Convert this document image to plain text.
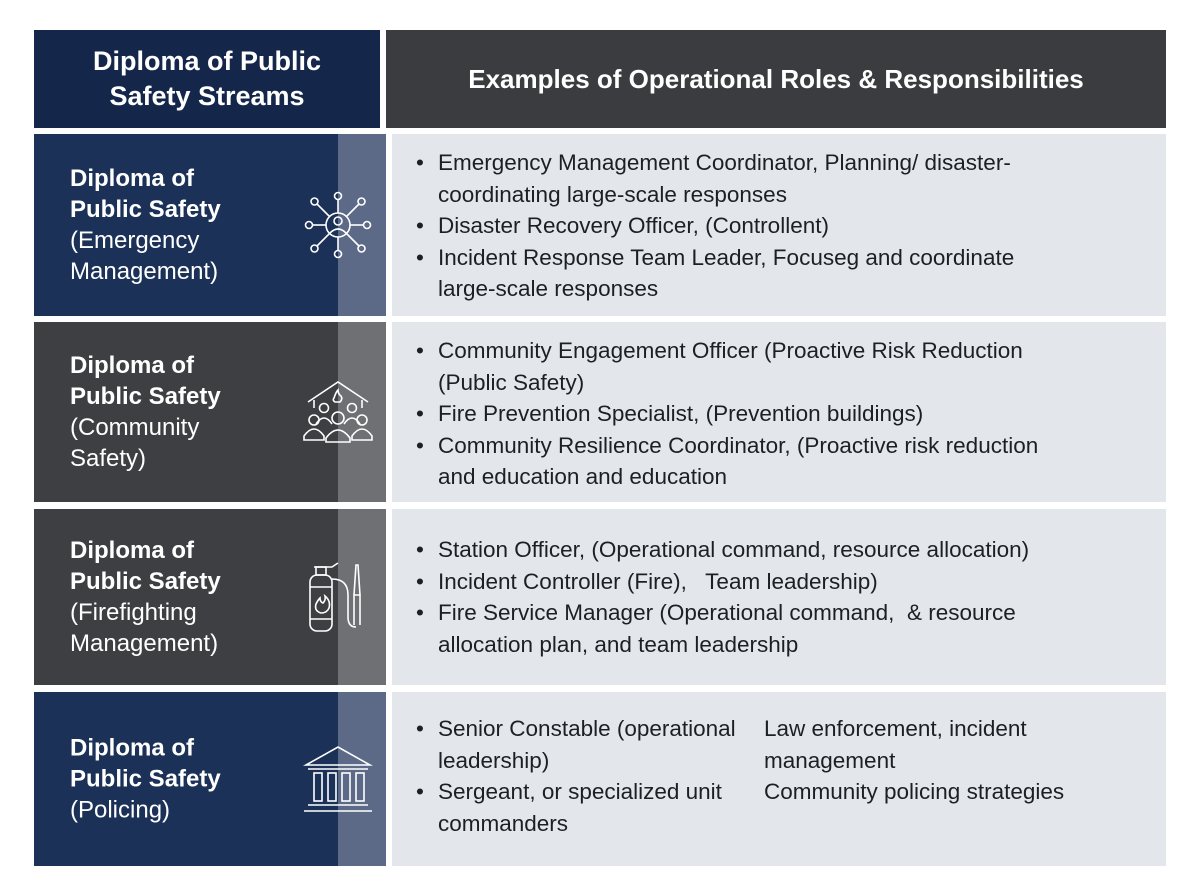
Diploma of Public
Safety Streams
Examples of Operational Roles & Responsibilities
Diploma of
Public Safety
(Emergency
Management)
• Emergency Management Coordinator, Planning/ disaster-
coordinating large-scale responses
• Disaster Recovery Officer, (Controllent)
• Incident Response Team Leader, Focuseg and coordinate
large-scale responses
Diploma of
Public Safety
(Community
Safety)
• Community Engagement Officer (Proactive Risk Reduction
(Public Safety)
• Fire Prevention Specialist, (Prevention buildings)
• Community Resilience Coordinator, (Proactive risk reduction
and education and education
Diploma of
Public Safety
(Firefighting
Management)
• Station Officer, (Operational command, resource allocation)
• Incident Controller (Fire),   Team leadership)
• Fire Service Manager (Operational command,  & resource
allocation plan, and team leadership
Diploma of
Public Safety
(Policing)
• Senior Constable (operational
leadership)
• Sergeant, or specialized unit
commanders
Law enforcement, incident
management
Community policing strategies
